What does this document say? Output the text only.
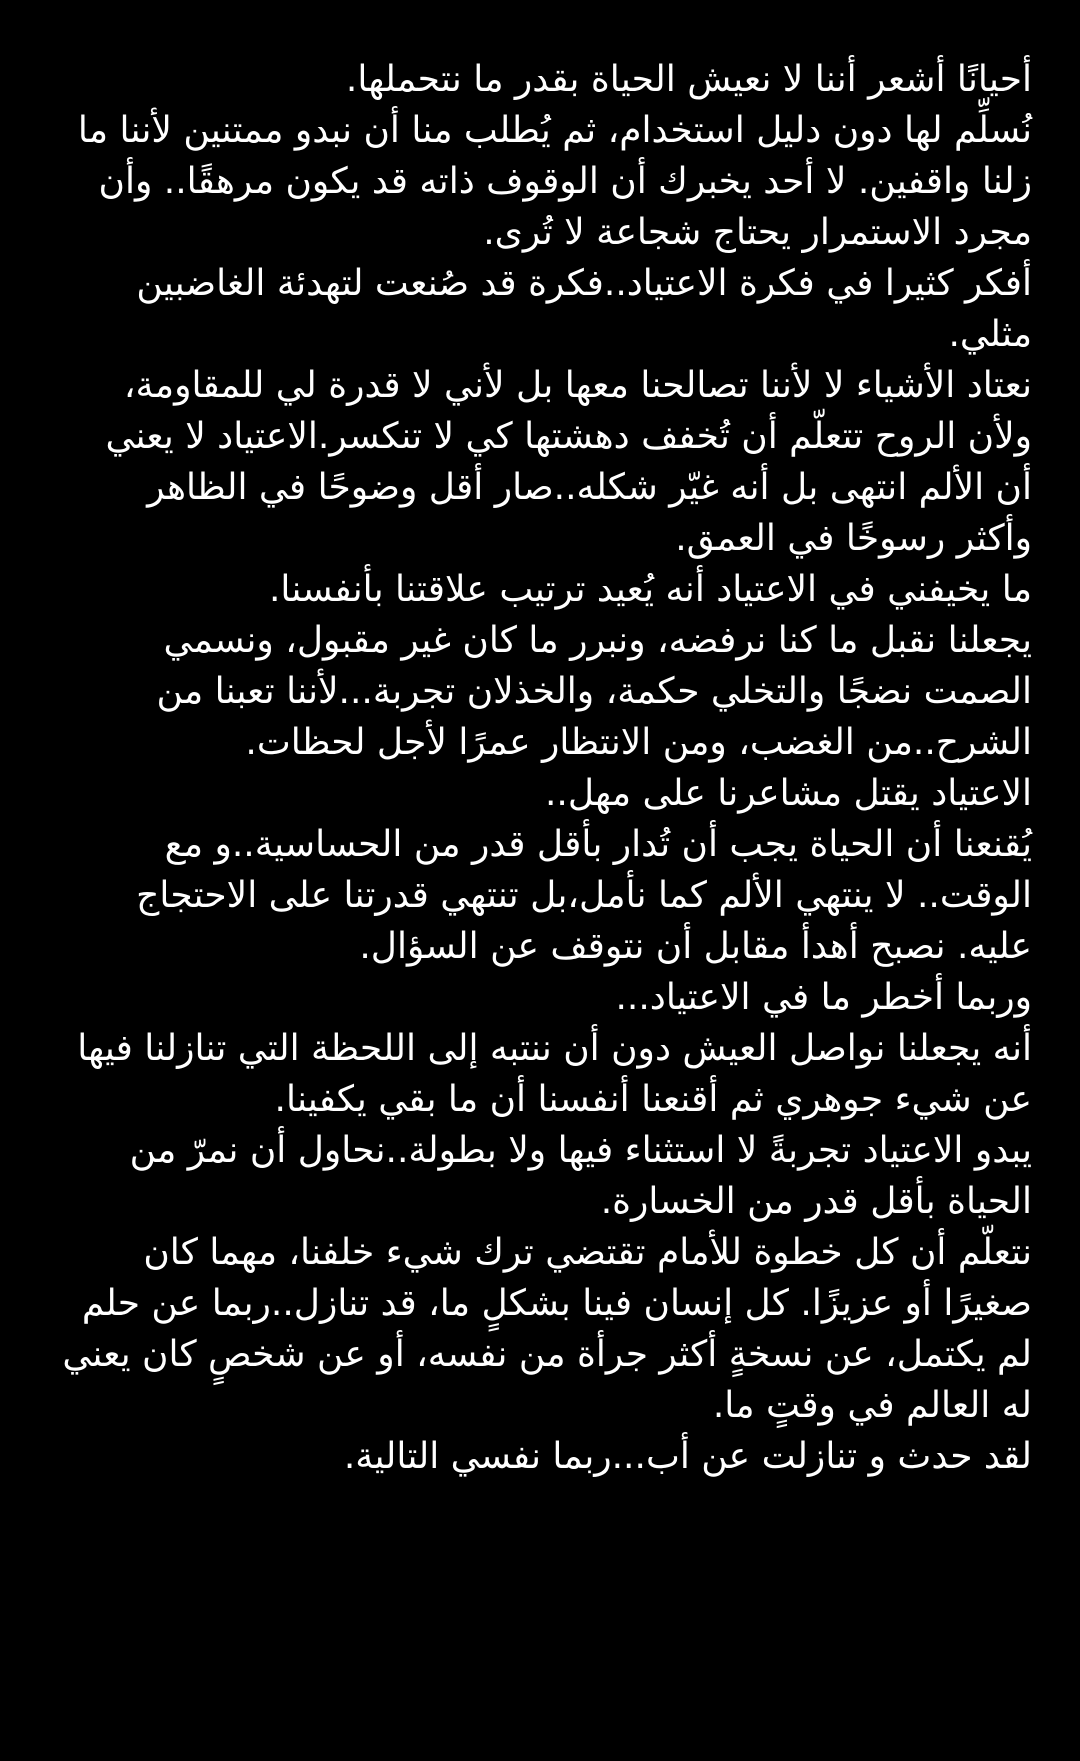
أحيانًا أشعر أننا لا نعيش الحياة بقدر ما نتحملها.

نُسلِّم لها دون دليل استخدام، ثم يُطلب منا أن نبدو ممتنين لأننا ما زلنا واقفين. لا أحد يخبرك أن الوقوف ذاته قد يكون مرهقًا.. وأن مجرد الاستمرار يحتاج شجاعة لا تُرى.

أفكر كثيرا في فكرة الاعتياد..فكرة قد صُنعت لتهدئة الغاضبين مثلي.

نعتاد الأشياء لا لأننا تصالحنا معها بل لأني لا قدرة لي للمقاومة، ولأن الروح تتعلّم أن تُخفف دهشتها كي لا تنكسر.الاعتياد لا يعني أن الألم انتهى بل أنه غيّر شكله..صار أقل وضوحًا في الظاهر وأكثر رسوخًا في العمق.

ما يخيفني في الاعتياد أنه يُعيد ترتيب علاقتنا بأنفسنا.

يجعلنا نقبل ما كنا نرفضه، ونبرر ما كان غير مقبول، ونسمي الصمت نضجًا والتخلي حكمة، والخذلان تجربة...لأننا تعبنا من الشرح..من الغضب، ومن الانتظار عمرًا لأجل لحظات.

الاعتياد يقتل مشاعرنا على مهل..

يُقنعنا أن الحياة يجب أن تُدار بأقل قدر من الحساسية..و مع الوقت.. لا ينتهي الألم كما نأمل،بل تنتهي قدرتنا على الاحتجاج عليه. نصبح أهدأ مقابل أن نتوقف عن السؤال.

وربما أخطر ما في الاعتياد...

أنه يجعلنا نواصل العيش دون أن ننتبه إلى اللحظة التي تنازلنا فيها عن شيء جوهري ثم أقنعنا أنفسنا أن ما بقي يكفينا.

يبدو الاعتياد تجربةً لا استثناء فيها ولا بطولة..نحاول أن نمرّ من الحياة بأقل قدر من الخسارة.

نتعلّم أن كل خطوة للأمام تقتضي ترك شيء خلفنا، مهما كان صغيرًا أو عزيزًا. كل إنسان فينا بشكلٍ ما، قد تنازل..ربما عن حلم لم يكتمل، عن نسخةٍ أكثر جرأة من نفسه، أو عن شخصٍ كان يعني له العالم في وقتٍ ما.

لقد حدث و تنازلت عن أب...ربما نفسي التالية.
